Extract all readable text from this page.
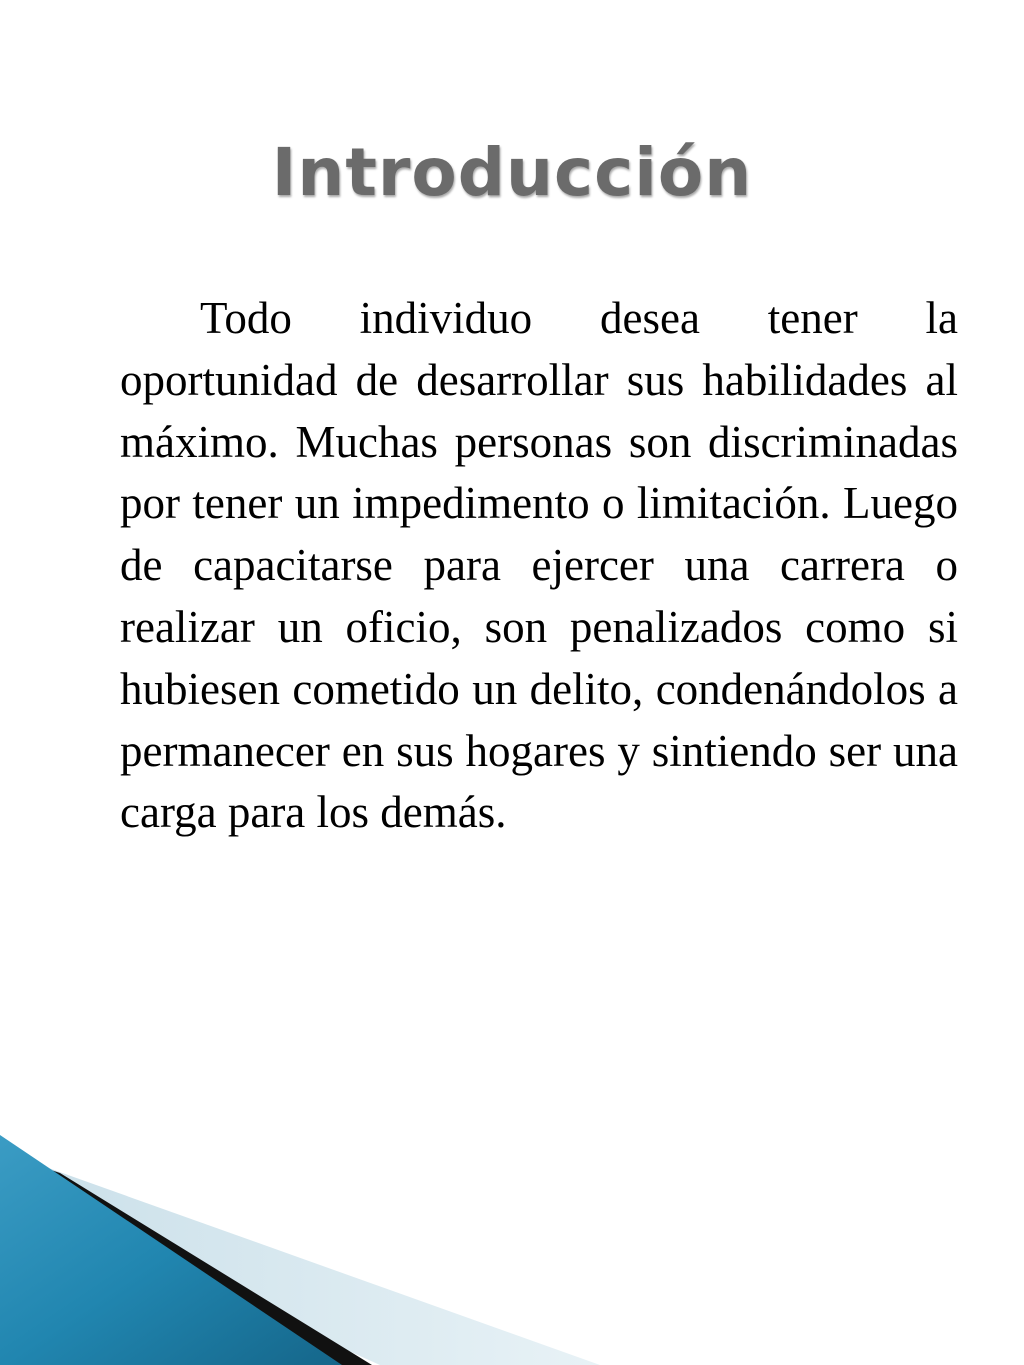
Introducción

Todo individuo desea tener la oportunidad de desarrollar sus habilidades al máximo. Muchas personas son discriminadas por tener un impedimento o limitación. Luego de capacitarse para ejercer una carrera o realizar un oficio, son penalizados como si hubiesen cometido un delito, condenándolos a permanecer en sus hogares y sintiendo ser una carga para los demás.
